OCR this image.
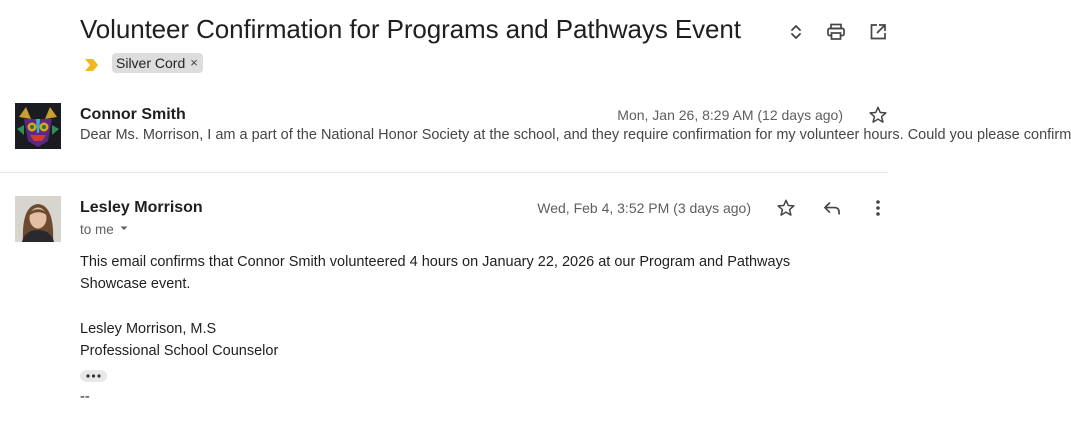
Volunteer Confirmation for Programs and Pathways Event
Silver Cord ×
Connor Smith	Mon, Jan 26, 8:29 AM (12 days ago)
Dear Ms. Morrison, I am a part of the National Honor Society at the school, and they require confirmation for my volunteer hours. Could you please confirm
Lesley Morrison	Wed, Feb 4, 3:52 PM (3 days ago)
to me
This email confirms that Connor Smith volunteered 4 hours on January 22, 2026 at our Program and Pathways Showcase event.
Lesley Morrison, M.S
Professional School Counselor
--
